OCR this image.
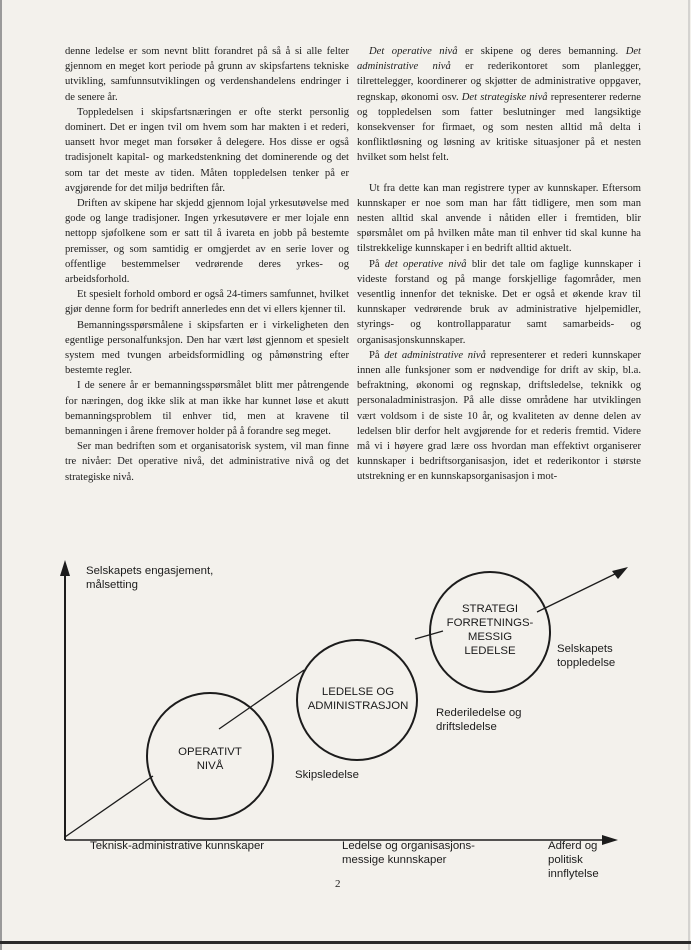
denne ledelse er som nevnt blitt forandret på så å si alle felter gjennom en meget kort periode på grunn av skipsfartens tekniske utvikling, samfunnsutviklingen og verdenshandelens endringer i de senere år.

Toppledelsen i skipsfartsnæringen er ofte sterkt personlig dominert. Det er ingen tvil om hvem som har makten i et rederi, uansett hvor meget man forsøker å delegere. Hos disse er også tradisjonelt kapital- og markedstenkning det dominerende og det som tar det meste av tiden. Måten toppledelsen tenker på er avgjørende for det miljø bedriften får.

Driften av skipene har skjedd gjennom lojal yrkesutøvelse med gode og lange tradisjoner. Ingen yrkesutøvere er mer lojale enn nettopp sjøfolkene som er satt til å ivareta en jobb på bestemte premisser, og som samtidig er omgjerdet av en serie lover og offentlige bestemmelser vedrørende deres yrkes- og arbeidsforhold.

Et spesielt forhold ombord er også 24-timers samfunnet, hvilket gjør denne form for bedrift annerledes enn det vi ellers kjenner til.

Bemanningsspørsmålene i skipsfarten er i virkeligheten den egentlige personalfunksjon. Den har vært løst gjennom et spesielt system med tvungen arbeidsformidling og påmønstring efter bestemte regler.

I de senere år er bemanningsspørsmålet blitt mer påtrengende for næringen, dog ikke slik at man ikke har kunnet løse et akutt bemanningsproblem til enhver tid, men at kravene til bemanningen i årene fremover holder på å forandre seg meget.

Ser man bedriften som et organisatorisk system, vil man finne tre nivåer: Det operative nivå, det administrative nivå og det strategiske nivå.

Det operative nivå er skipene og deres bemanning. Det administrative nivå er rederikontoret som planlegger, tilrettelegger, koordinerer og skjøtter de administrative oppgaver, regnskap, økonomi osv. Det strategiske nivå representerer rederne og toppledelsen som fatter beslutninger med langsiktige konsekvenser for firmaet, og som nesten alltid må delta i konfliktløsning og løsning av kritiske situasjoner på et nesten hvilket som helst felt.

Ut fra dette kan man registrere typer av kunnskaper. Eftersom kunnskaper er noe som man har fått tidligere, men som man nesten alltid skal anvende i nåtiden eller i fremtiden, blir spørsmålet om på hvilken måte man til enhver tid skal kunne ha tilstrekkelige kunnskaper i en bedrift alltid aktuelt.

På det operative nivå blir det tale om faglige kunnskaper i videste forstand og på mange forskjellige fagområder, men vesentlig innenfor det tekniske. Det er også et økende krav til kunnskaper vedrørende bruk av administrative hjelpemidler, styrings- og kontrollapparatur samt samarbeids- og organisasjonskunnskaper.

På det administrative nivå representerer et rederi kunnskaper innen alle funksjoner som er nødvendige for drift av skip, bl.a. befraktning, økonomi og regnskap, driftsledelse, teknikk og personaladministrasjon. På alle disse områdene har utviklingen vært voldsom i de siste 10 år, og kvaliteten av denne delen av ledelsen blir derfor helt avgjørende for et rederis fremtid. Videre må vi i høyere grad lære oss hvordan man effektivt organiserer kunnskaper i bedriftsorganisasjon, idet et rederikontor i største utstrekning er en kunnskapsorganisasjon i mot-

Selskapets engasjement,
målsetting
OPERATIVT
NIVÅ
LEDELSE OG
ADMINISTRASJON
STRATEGI
FORRETNINGS-
MESSIG
LEDELSE
Skipsledelse
Rederiledelse og
driftsledelse
Selskapets
toppledelse
Teknisk-administrative kunnskaper	Ledelse og organisasjons-
messige kunnskaper
Adferd og
politisk
innflytelse
2
